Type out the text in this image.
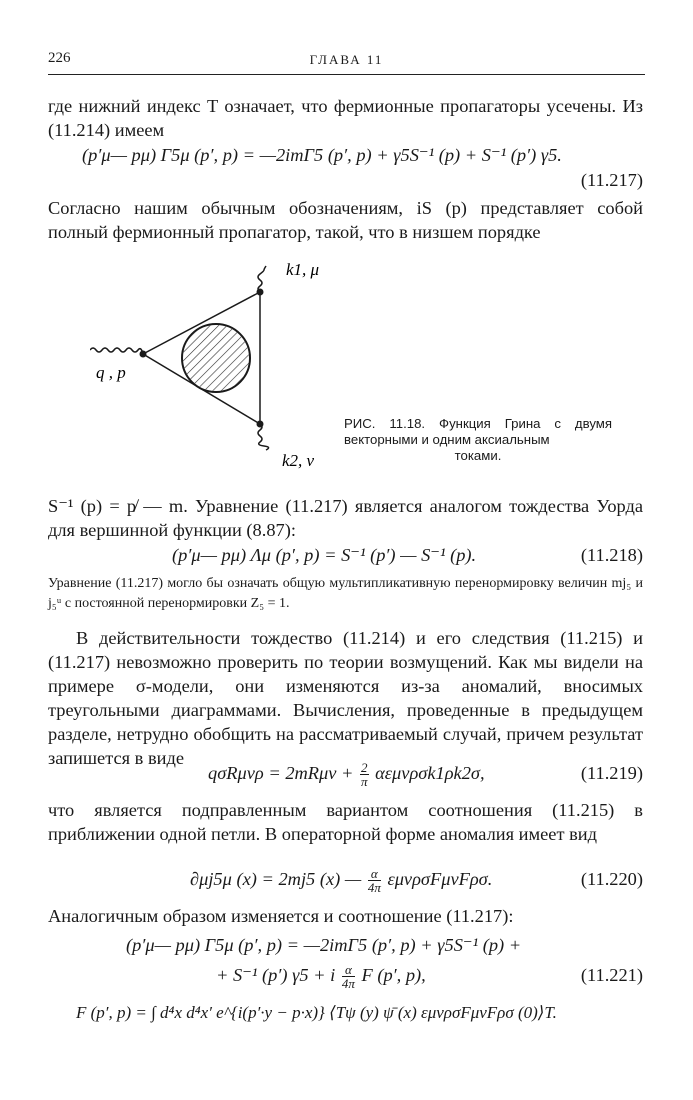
226	ГЛАВА 11
где нижний индекс T означает, что фермионные пропагаторы усечены. Из (11.214) имеем
(p′μ— pμ) Γ5μ (p′, p) = —2imΓ5 (p′, p) + γ5S⁻¹ (p) + S⁻¹ (p′) γ5.
(11.217)
Согласно нашим обычным обозначениям, iS (p) представляет собой полный фермионный пропагатор, такой, что в низшем порядке
k1, μ
k2, ν
q , p
РИС. 11.18. Функция Грина с двумя векторными и одним аксиальным
токами.
S⁻¹ (p) = p̸ — m. Уравнение (11.217) является аналогом тождества Уорда для вершинной функции (8.87):
(p′μ— pμ) Λμ (p′, p) = S⁻¹ (p′) — S⁻¹ (p).	(11.218)
Уравнение (11.217) могло бы означать общую мультипликативную перенормировку величин mj₅ и j₅ᵘ с постоянной перенормировки Z₅ = 1.
В действительности тождество (11.214) и его следствия (11.215) и (11.217) невозможно проверить по теории возмущений. Как мы видели на примере σ-модели, они изменяются из-за аномалий, вносимых треугольными диаграммами. Вычисления, проведенные в предыдущем разделе, нетрудно обобщить на рассматриваемый случай, причем результат запишется в виде
$q\sigma R\mu\nu\rho = 2mR\mu\nu + \frac{2}{\pi} \alpha\varepsilon\mu\nu\rho\sigma k1\rho k2\sigma$,	(11.219)
что является подправленным вариантом соотношения (11.215) в приближении одной петли. В операторной форме аномалия имеет вид
∂μj5μ (x) = 2mj5 (x) — $\frac{\alpha}{4\pi} \varepsilon\mu\nu\rho\sigma F\mu\nu F\rho\sigma$.	(11.220)
Аналогичным образом изменяется и соотношение (11.217):
(p′μ— pμ) Γ5μ (p′, p) = —2imΓ5 (p′, p) + γ5S⁻¹ (p) +
+ S⁻¹ (p′) γ5 + i $\frac{\alpha}{4\pi}$ F (p′, p),	(11.221)
F (p′, p) = ∫ d⁴x d⁴x′ e^{i(p′·y − p·x)} ⟨Tψ (y) ψ̄ (x) εμνρσFμνFρσ (0)⟩T.
